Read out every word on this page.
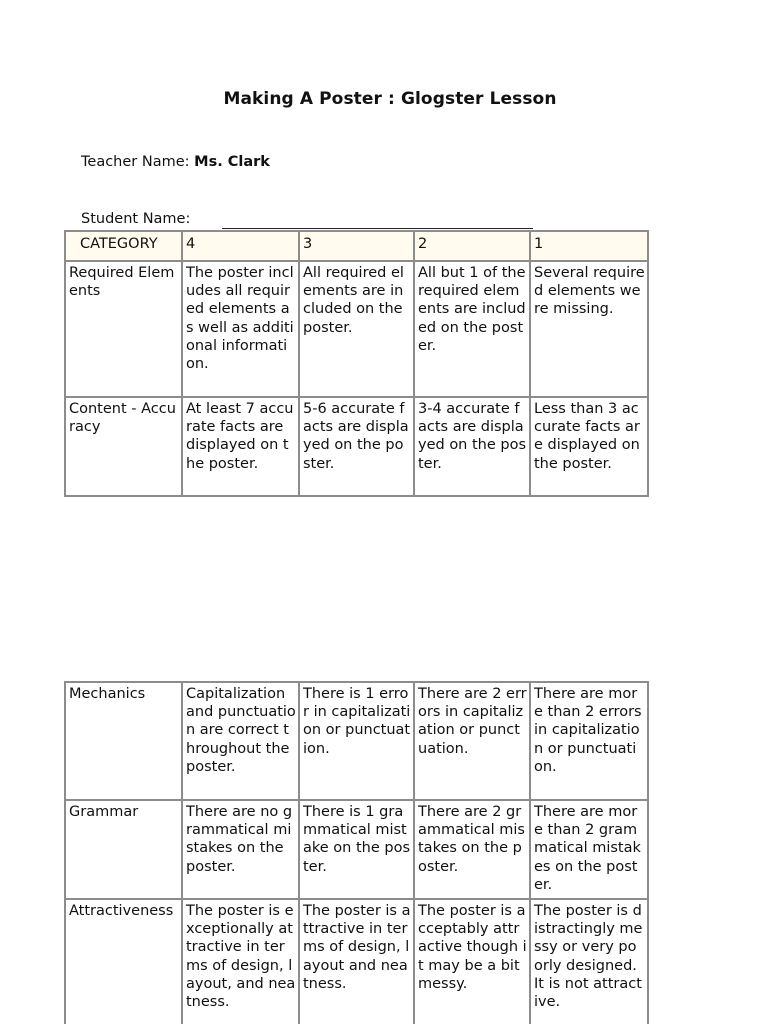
Making A Poster : Glogster Lesson
Teacher Name: Ms. Clark
Student Name:
CATEGORY	4	3	2	1
Required Elements	The poster includes all required elements as well as additional information.	All required elements are included on the poster.	All but 1 of the required elements are included on the poster.	Several required elements were missing.
Content - Accuracy	At least 7 accurate facts are displayed on the poster.	5-6 accurate facts are displayed on the poster.	3-4 accurate facts are displayed on the poster.	Less than 3 accurate facts are displayed on the poster.
Mechanics	Capitalization and punctuation are correct throughout the poster.	There is 1 error in capitalization or punctuation.	There are 2 errors in capitalization or punctuation.	There are more than 2 errors in capitalization or punctuation.
Grammar	There are no grammatical mistakes on the poster.	There is 1 grammatical mistake on the poster.	There are 2 grammatical mistakes on the poster.	There are more than 2 grammatical mistakes on the poster.
Attractiveness	The poster is exceptionally attractive in terms of design, layout, and neatness.	The poster is attractive in terms of design, layout and neatness.	The poster is acceptably attractive though it may be a bit messy.	The poster is distractingly messy or very poorly designed. It is not attractive.
